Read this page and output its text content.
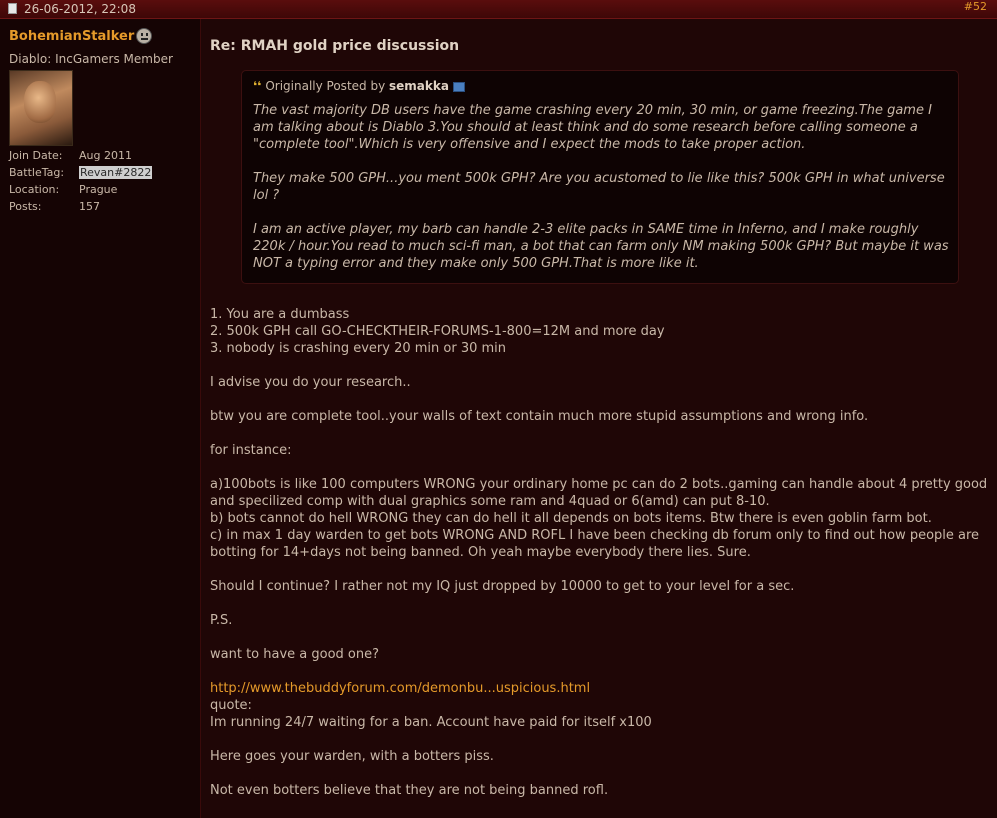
26-06-2012, 22:08	#52
BohemianStalker
Diablo: IncGamers Member
Join Date: Aug 2011
BattleTag: Revan#2822
Location: Prague
Posts:	157
Re: RMAH gold price discussion
❛❛ Originally Posted by semakka

The vast majority DB users have the game crashing every 20 min, 30 min, or game freezing.The game I am talking about is Diablo 3.You should at least think and do some research before calling someone a "complete tool".Which is very offensive and I expect the mods to take proper action.

They make 500 GPH...you ment 500k GPH? Are you acustomed to lie like this? 500k GPH in what universe lol ?

I am an active player, my barb can handle 2-3 elite packs in SAME time in Inferno, and I make roughly 220k / hour.You read to much sci-fi man, a bot that can farm only NM making 500k GPH? But maybe it was NOT a typing error and they make only 500 GPH.That is more like it.

1. You are a dumbass
2. 500k GPH call GO-CHECKTHEIR-FORUMS-1-800=12M and more day
3. nobody is crashing every 20 min or 30 min

I advise you do your research..

btw you are complete tool..your walls of text contain much more stupid assumptions and wrong info.

for instance:

a)100bots is like 100 computers WRONG your ordinary home pc can do 2 bots..gaming can handle about 4 pretty good and specilized comp with dual graphics some ram and 4quad or 6(amd) can put 8-10.
b) bots cannot do hell WRONG they can do hell it all depends on bots items. Btw there is even goblin farm bot.
c) in max 1 day warden to get bots WRONG AND ROFL I have been checking db forum only to find out how people are botting for 14+days not being banned. Oh yeah maybe everybody there lies. Sure.

Should I continue? I rather not my IQ just dropped by 10000 to get to your level for a sec.

P.S.

want to have a good one?

http://www.thebuddyforum.com/demonbu...uspicious.html
quote:
Im running 24/7 waiting for a ban. Account have paid for itself x100

Here goes your warden, with a botters piss.

Not even botters believe that they are not being banned rofl.
